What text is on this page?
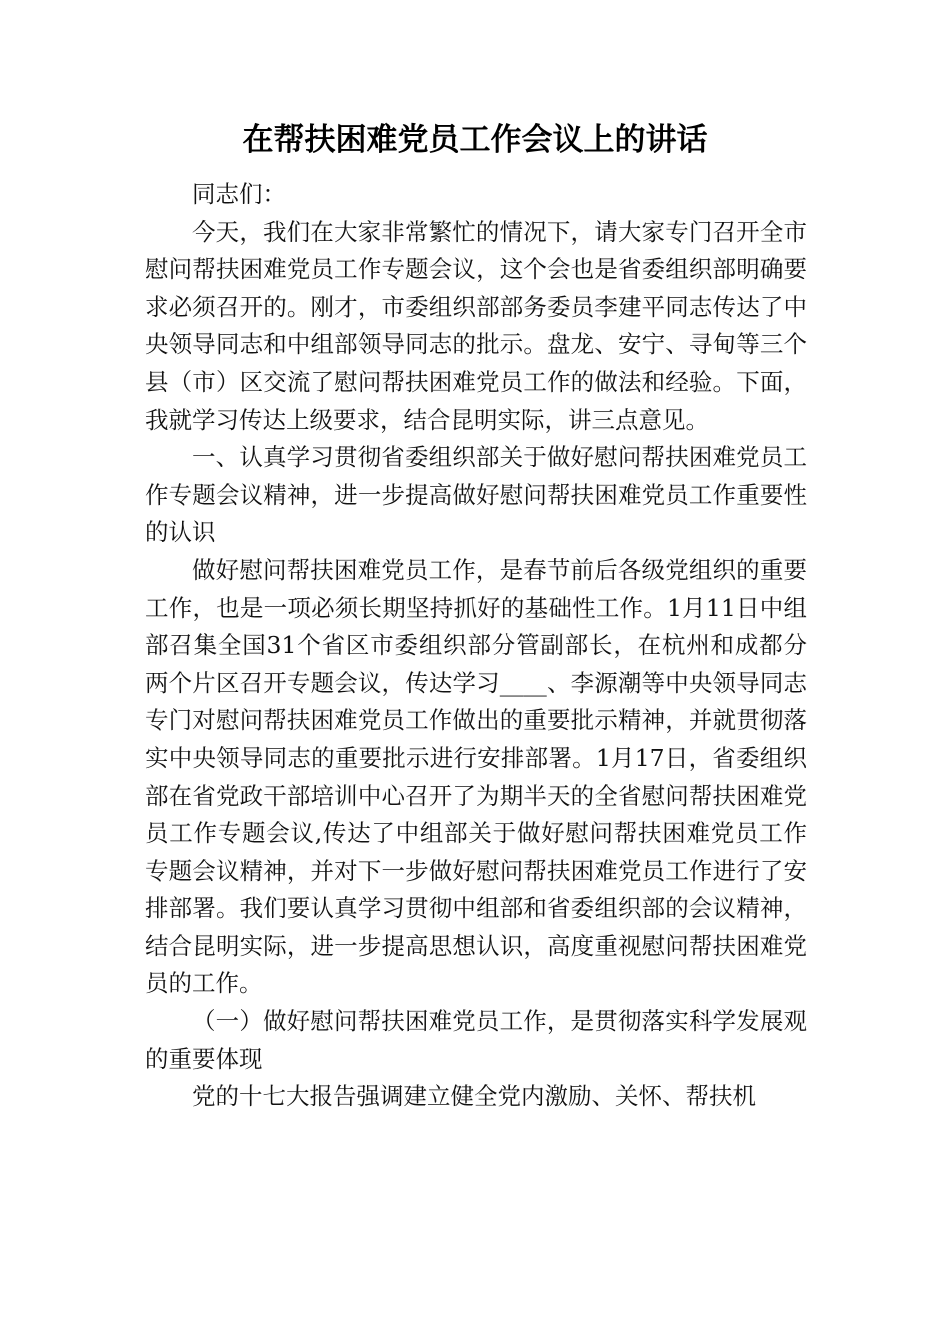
在帮扶困难党员工作会议上的讲话

同志们：

今天，我们在大家非常繁忙的情况下，请大家专门召开全市慰问帮扶困难党员工作专题会议，这个会也是省委组织部明确要求必须召开的。刚才，市委组织部部务委员李建平同志传达了中央领导同志和中组部领导同志的批示。盘龙、安宁、寻甸等三个县（市）区交流了慰问帮扶困难党员工作的做法和经验。下面，我就学习传达上级要求，结合昆明实际，讲三点意见。

一、认真学习贯彻省委组织部关于做好慰问帮扶困难党员工作专题会议精神，进一步提高做好慰问帮扶困难党员工作重要性的认识

做好慰问帮扶困难党员工作，是春节前后各级党组织的重要工作，也是一项必须长期坚持抓好的基础性工作。1月11日中组部召集全国31个省区市委组织部分管副部长，在杭州和成都分两个片区召开专题会议，传达学习____、李源潮等中央领导同志专门对慰问帮扶困难党员工作做出的重要批示精神，并就贯彻落实中央领导同志的重要批示进行安排部署。1月17日，省委组织部在省党政干部培训中心召开了为期半天的全省慰问帮扶困难党员工作专题会议,传达了中组部关于做好慰问帮扶困难党员工作专题会议精神，并对下一步做好慰问帮扶困难党员工作进行了安排部署。我们要认真学习贯彻中组部和省委组织部的会议精神，结合昆明实际，进一步提高思想认识，高度重视慰问帮扶困难党员的工作。

（一）做好慰问帮扶困难党员工作，是贯彻落实科学发展观的重要体现

党的十七大报告强调建立健全党内激励、关怀、帮扶机
